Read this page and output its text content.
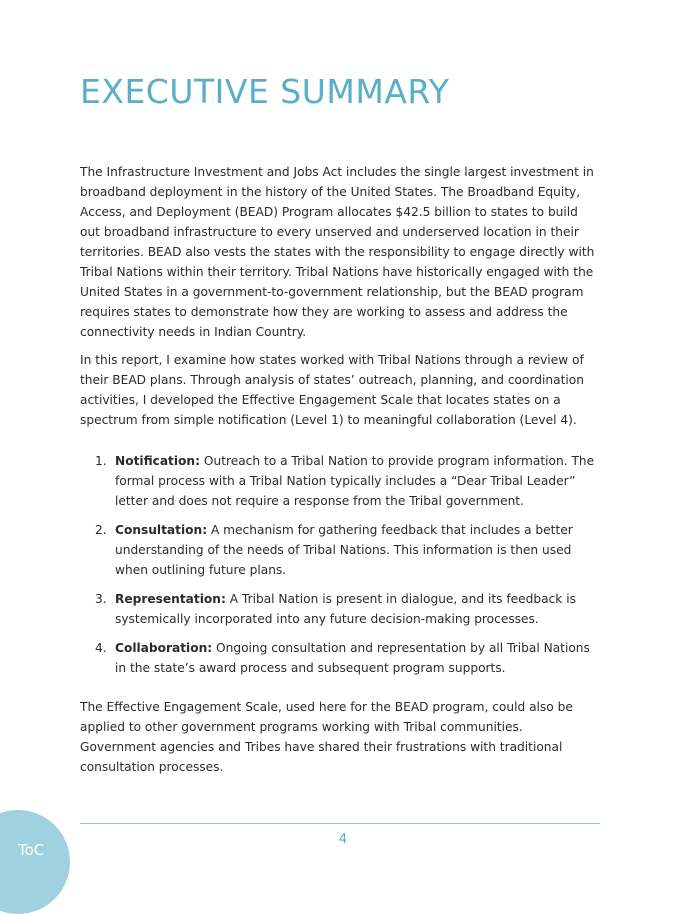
EXECUTIVE SUMMARY

The Infrastructure Investment and Jobs Act includes the single largest investment in broadband deployment in the history of the United States. The Broadband Equity, Access, and Deployment (BEAD) Program allocates $42.5 billion to states to build out broadband infrastructure to every unserved and underserved location in their territories. BEAD also vests the states with the responsibility to engage directly with Tribal Nations within their territory. Tribal Nations have historically engaged with the United States in a government-to-government relationship, but the BEAD program requires states to demonstrate how they are working to assess and address the connectivity needs in Indian Country.

In this report, I examine how states worked with Tribal Nations through a review of their BEAD plans. Through analysis of states’ outreach, planning, and coordination activities, I developed the Effective Engagement Scale that locates states on a spectrum from simple notification (Level 1) to meaningful collaboration (Level 4).

1. Notification: Outreach to a Tribal Nation to provide program information. The formal process with a Tribal Nation typically includes a “Dear Tribal Leader” letter and does not require a response from the Tribal government.
2. Consultation: A mechanism for gathering feedback that includes a better understanding of the needs of Tribal Nations. This information is then used when outlining future plans.
3. Representation: A Tribal Nation is present in dialogue, and its feedback is systemically incorporated into any future decision-making processes.
4. Collaboration: Ongoing consultation and representation by all Tribal Nations in the state’s award process and subsequent program supports.

The Effective Engagement Scale, used here for the BEAD program, could also be applied to other government programs working with Tribal communities. Government agencies and Tribes have shared their frustrations with traditional consultation processes.

4
ToC
